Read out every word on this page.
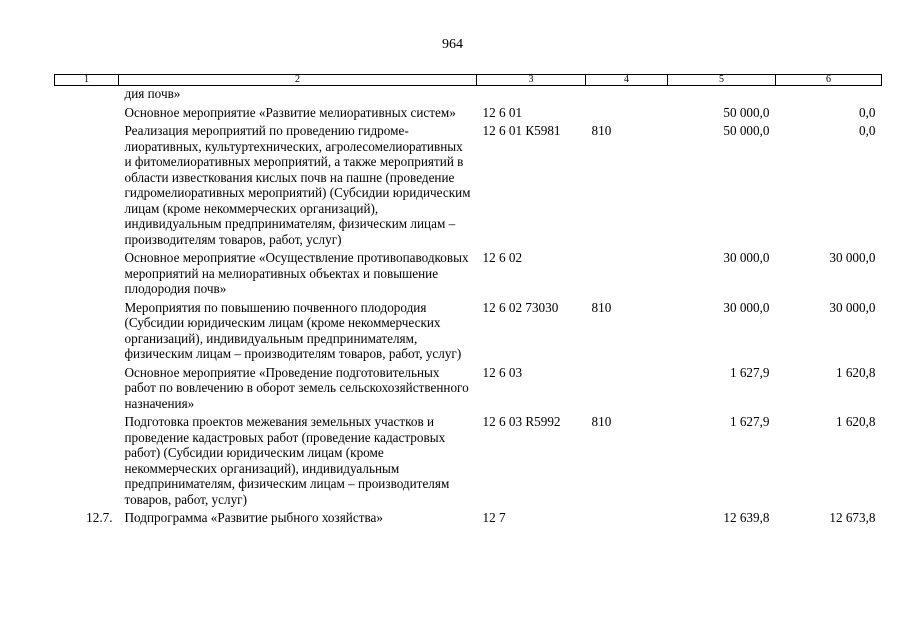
964
1	2	3	4	5	6
	дия почв»				
	Основное мероприятие «Развитие мелиоративных систем»	12 6 01		50 000,0	0,0
	Реализация мероприятий по проведению гидромелиоративных, культуртехнических, агролесомелиоративных и фитомелиоративных мероприятий, а также мероприятий в области известкования кислых почв на пашне (проведение гидромелиоративных мероприятий) (Субсидии юридическим лицам (кроме некоммерческих организаций), индивидуальным предпринимателям, физическим лицам – производителям товаров, работ, услуг)	12 6 01 К5981	810	50 000,0	0,0
	Основное мероприятие «Осуществление противопаводковых мероприятий на мелиоративных объектах и повышение плодородия почв»	12 6 02		30 000,0	30 000,0
	Мероприятия по повышению почвенного плодородия (Субсидии юридическим лицам (кроме некоммерческих организаций), индивидуальным предпринимателям, физическим лицам – производителям товаров, работ, услуг)	12 6 02 73030	810	30 000,0	30 000,0
	Основное мероприятие «Проведение подготовительных работ по вовлечению в оборот земель сельскохозяйственного назначения»	12 6 03		1 627,9	1 620,8
	Подготовка проектов межевания земельных участков и проведение кадастровых работ (проведение кадастровых работ) (Субсидии юридическим лицам (кроме некоммерческих организаций), индивидуальным предпринимателям, физическим лицам – производителям товаров, работ, услуг)	12 6 03 R5992	810	1 627,9	1 620,8
12.7.	Подпрограмма «Развитие рыбного хозяйства»	12 7		12 639,8	12 673,8
